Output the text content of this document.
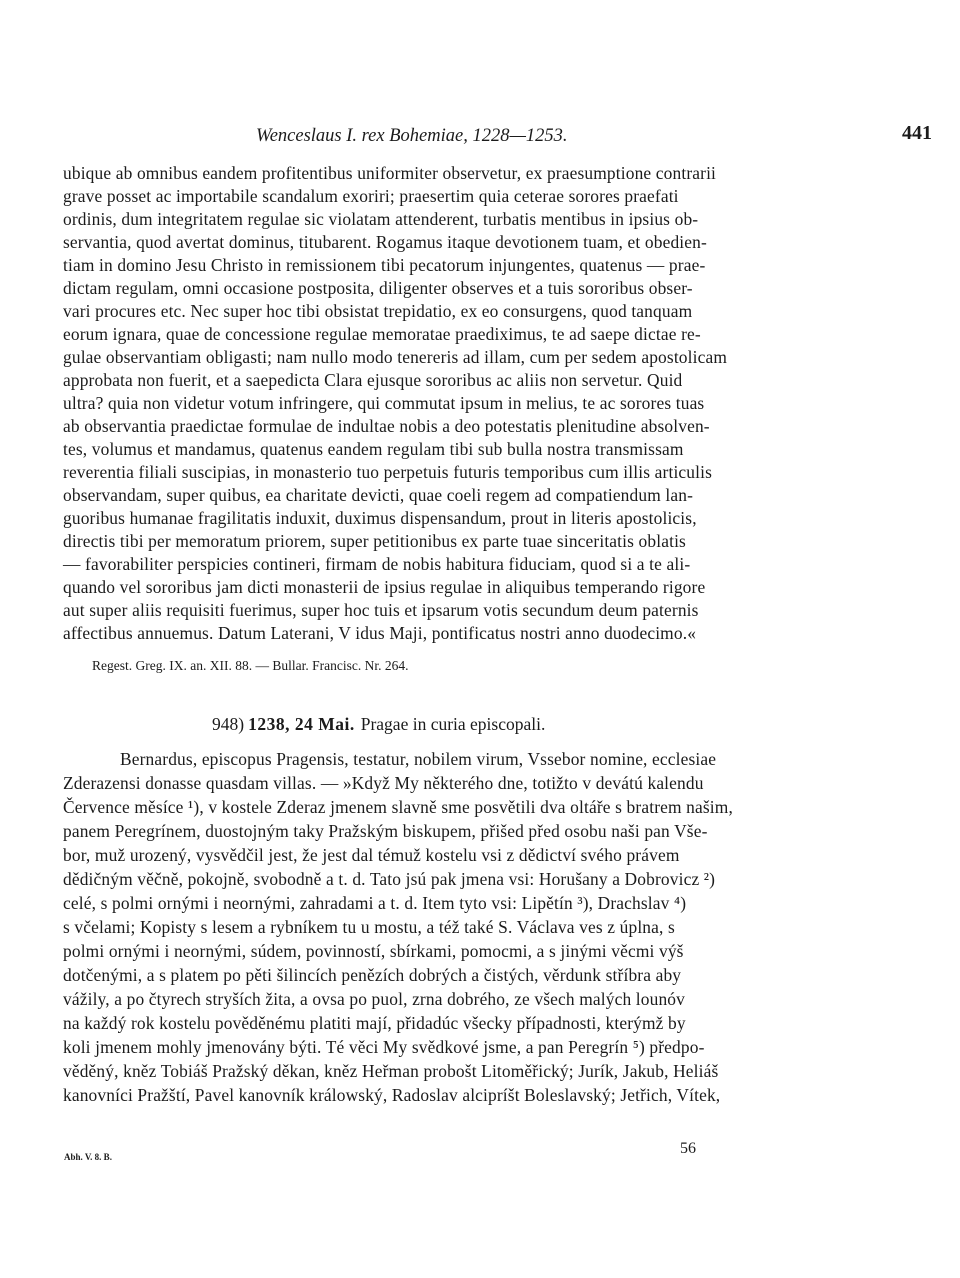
Wenceslaus I. rex Bohemiae, 1228—1253.	441
ubique ab omnibus eandem profitentibus uniformiter observetur, ex praesumptione contrarii
grave posset ac importabile scandalum exoriri; praesertim quia ceterae sorores praefati
ordinis, dum integritatem regulae sic violatam attenderent, turbatis mentibus in ipsius ob-
servantia, quod avertat dominus, titubarent. Rogamus itaque devotionem tuam, et obedien-
tiam in domino Jesu Christo in remissionem tibi pecatorum injungentes, quatenus — prae-
dictam regulam, omni occasione postposita, diligenter observes et a tuis sororibus obser-
vari procures etc. Nec super hoc tibi obsistat trepidatio, ex eo consurgens, quod tanquam
eorum ignara, quae de concessione regulae memoratae praediximus, te ad saepe dictae re-
gulae observantiam obligasti; nam nullo modo tenereris ad illam, cum per sedem apostolicam
approbata non fuerit, et a saepedicta Clara ejusque sororibus ac aliis non servetur. Quid
ultra? quia non videtur votum infringere, qui commutat ipsum in melius, te ac sorores tuas
ab observantia praedictae formulae de indultae nobis a deo potestatis plenitudine absolven-
tes, volumus et mandamus, quatenus eandem regulam tibi sub bulla nostra transmissam
reverentia filiali suscipias, in monasterio tuo perpetuis futuris temporibus cum illis articulis
observandam, super quibus, ea charitate devicti, quae coeli regem ad compatiendum lan-
guoribus humanae fragilitatis induxit, duximus dispensandum, prout in literis apostolicis,
directis tibi per memoratum priorem, super petitionibus ex parte tuae sinceritatis oblatis
— favorabiliter perspicies contineri, firmam de nobis habitura fiduciam, quod si a te ali-
quando vel sororibus jam dicti monasterii de ipsius regulae in aliquibus temperando rigore
aut super aliis requisiti fuerimus, super hoc tuis et ipsarum votis secundum deum paternis
affectibus annuemus. Datum Laterani, V idus Maji, pontificatus nostri anno duodecimo.«
Regest. Greg. IX. an. XII. 88. — Bullar. Francisc. Nr. 264.
948) 1238, 24 Mai. Pragae in curia episcopali.
Bernardus, episcopus Pragensis, testatur, nobilem virum, Vssebor nomine, ecclesiae
Zderazensi donasse quasdam villas. — »Když My některého dne, totižto v devátú kalendu
Července měsíce ¹), v kostele Zderaz jmenem slavně sme posvětili dva oltáře s bratrem našim,
panem Peregrínem, duostojným taky Pražským biskupem, přišed před osobu naši pan Vše-
bor, muž urozený, vysvědčil jest, že jest dal témuž kostelu vsi z dědictví svého právem
dědičným věčně, pokojně, svobodně a t. d. Tato jsú pak jmena vsi: Horušany a Dobrovicz ²)
celé, s polmi ornými i neornými, zahradami a t. d. Item tyto vsi: Lipětín ³), Drachslav ⁴)
s včelami; Kopisty s lesem a rybníkem tu u mostu, a též také S. Václava ves z úplna, s
polmi ornými i neornými, súdem, povinností, sbírkami, pomocmi, a s jinými věcmi výš
dotčenými, a s platem po pěti šilincích penězích dobrých a čistých, věrdunk stříbra aby
vážily, a po čtyrech stryších žita, a ovsa po puol, zrna dobrého, ze všech malých lounóv
na každý rok kostelu pověděnému platiti mají, přidadúc všecky případnosti, kterýmž by
koli jmenem mohly jmenovány býti. Té věci My svědkové jsme, a pan Peregrín ⁵) předpo-
věděný, kněz Tobiáš Pražský děkan, kněz Heřman probošt Litoměřický; Jurík, Jakub, Heliáš
kanovníci Pražští, Pavel kanovník králowský, Radoslav alcipríšt Boleslavský; Jetřich, Vítek,
Abh. V. 8. B.	56
